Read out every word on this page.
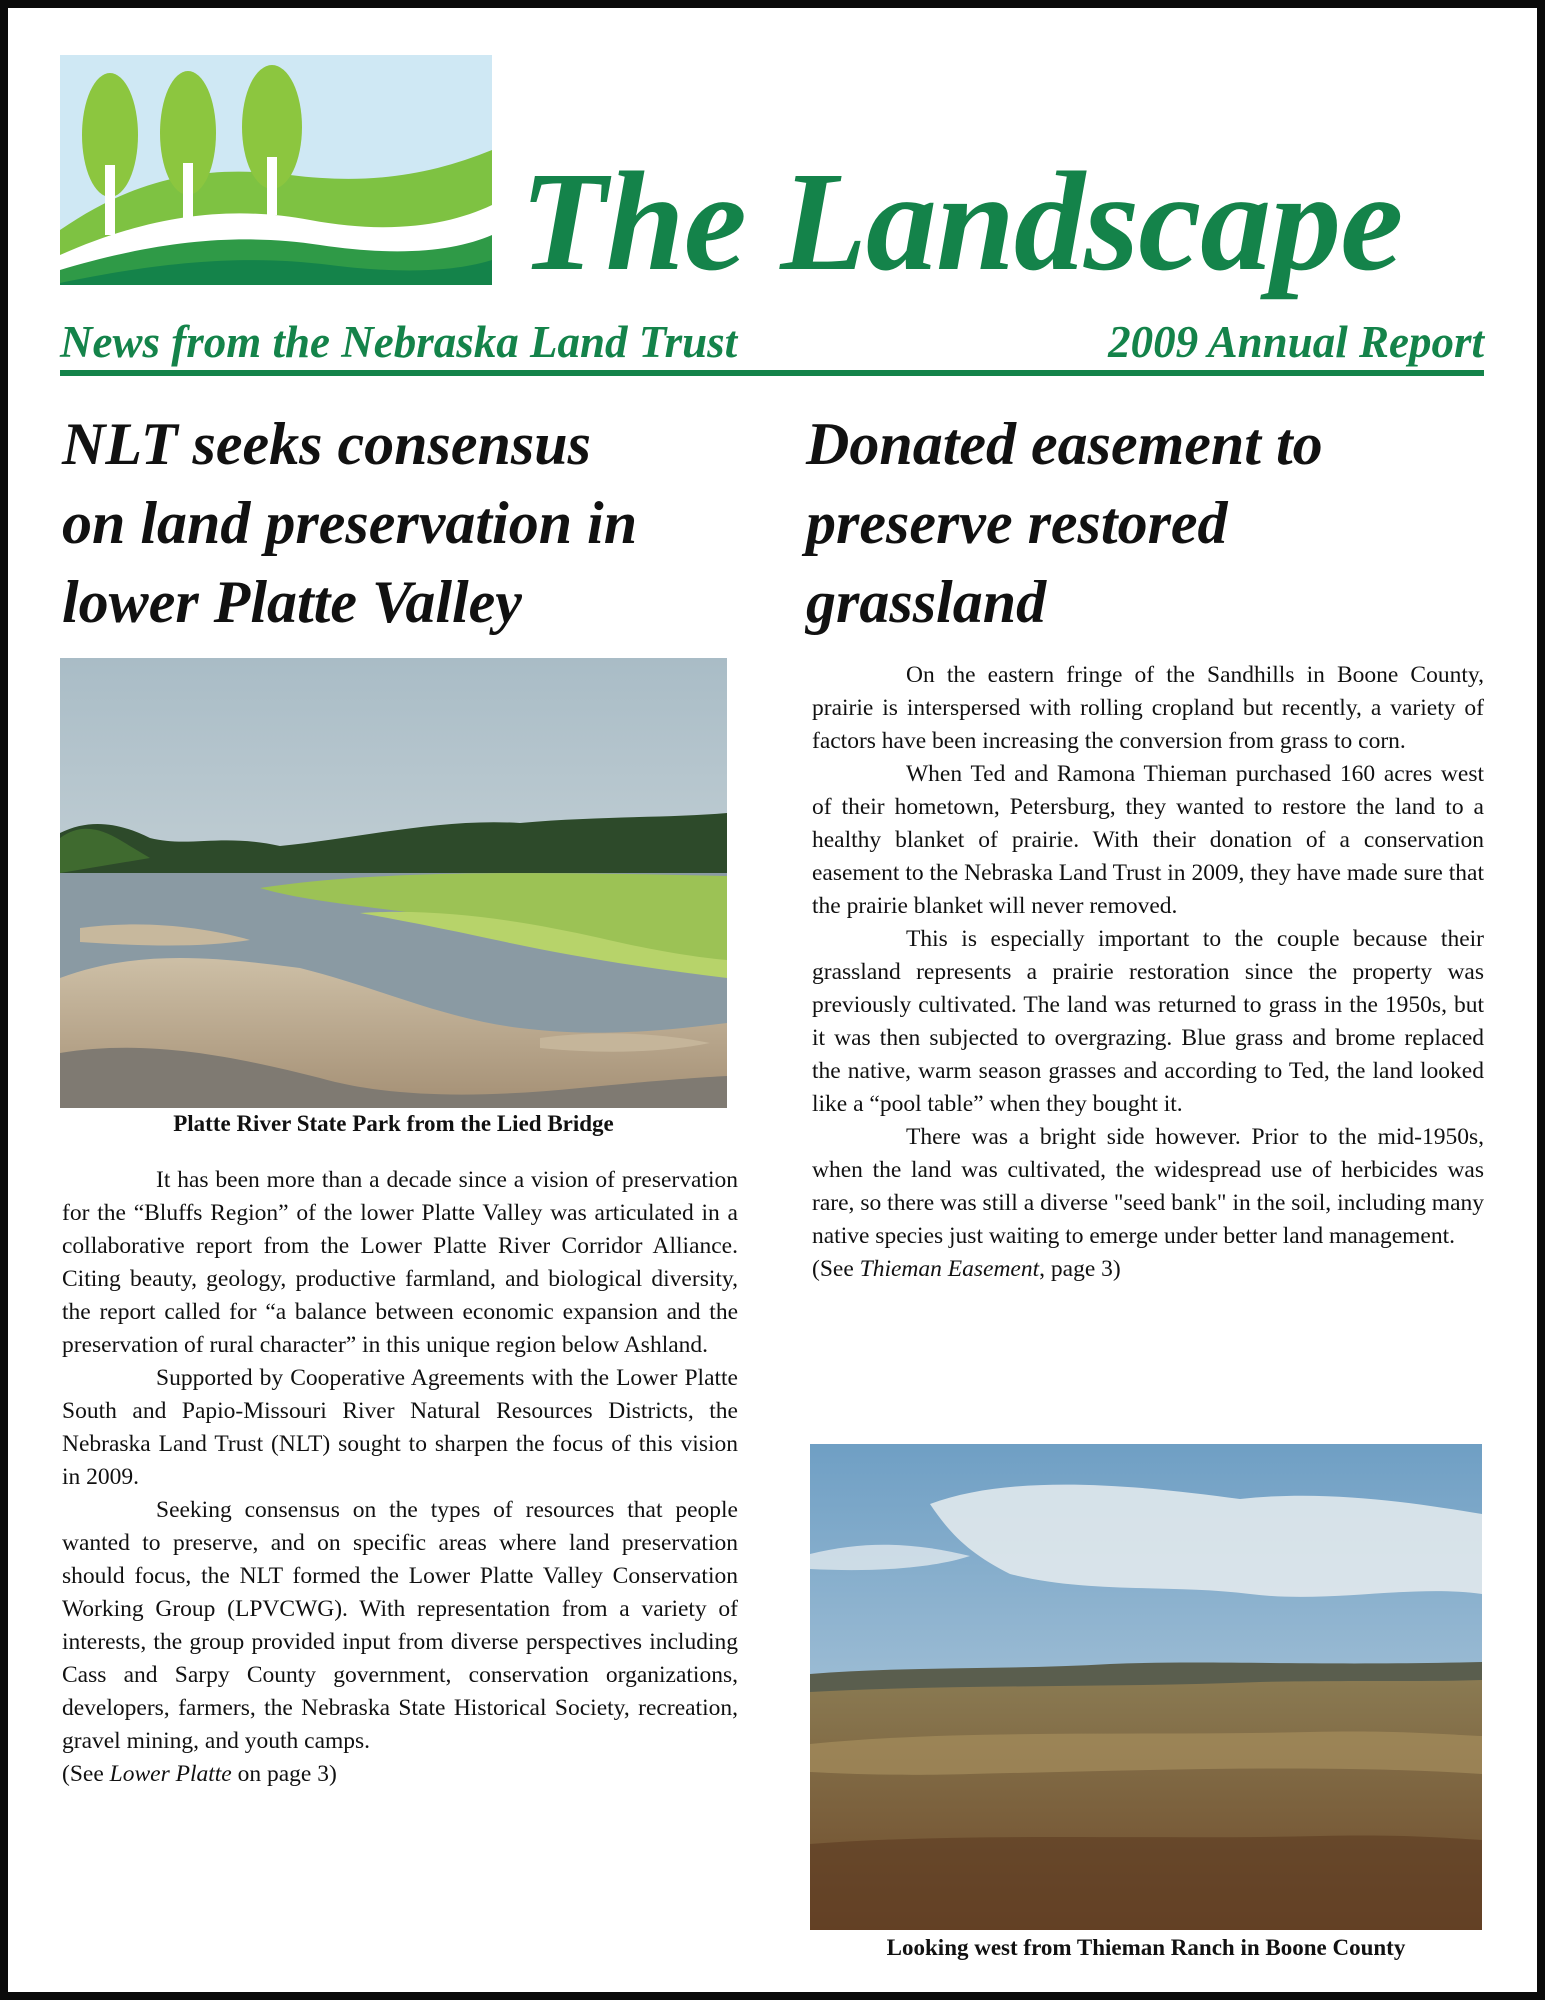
The Landscape
News from the Nebraska Land Trust	2009 Annual Report
NLT seeks consensus
on land preservation in
lower Platte Valley
Donated easement to
preserve restored
grassland
Platte River State Park from the Lied Bridge

It has been more than a decade since a vision of preservation for the “Bluffs Region” of the lower Platte Valley was articulated in a collaborative report from the Lower Platte River Corridor Alliance. Citing beauty, geology, productive farmland, and biological diversity, the report called for “a balance between economic expansion and the preservation of rural character” in this unique region below Ashland.

Supported by Cooperative Agreements with the Lower Platte South and Papio-Missouri River Natural Resources Districts, the Nebraska Land Trust (NLT) sought to sharpen the focus of this vision in 2009.

Seeking consensus on the types of resources that people wanted to preserve, and on specific areas where land preservation should focus, the NLT formed the Lower Platte Valley Conservation Working Group (LPVCWG). With representation from a variety of interests, the group provided input from diverse perspectives including Cass and Sarpy County government, conservation organizations, developers, farmers, the Nebraska State Historical Society, recreation, gravel mining, and youth camps.

(See Lower Platte on page 3)

On the eastern fringe of the Sandhills in Boone County, prairie is interspersed with rolling cropland but recently, a variety of factors have been increasing the conversion from grass to corn.

When Ted and Ramona Thieman purchased 160 acres west of their hometown, Petersburg, they wanted to restore the land to a healthy blanket of prairie. With their donation of a conservation easement to the Nebraska Land Trust in 2009, they have made sure that the prairie blanket will never removed.

This is especially important to the couple because their grassland represents a prairie restoration since the property was previously cultivated. The land was returned to grass in the 1950s, but it was then subjected to overgrazing. Blue grass and brome replaced the native, warm season grasses and according to Ted, the land looked like a “pool table” when they bought it.

There was a bright side however. Prior to the mid-1950s, when the land was cultivated, the widespread use of herbicides was rare, so there was still a diverse "seed bank" in the soil, including many native species just waiting to emerge under better land management.

(See Thieman Easement, page 3)

Looking west from Thieman Ranch in Boone County
